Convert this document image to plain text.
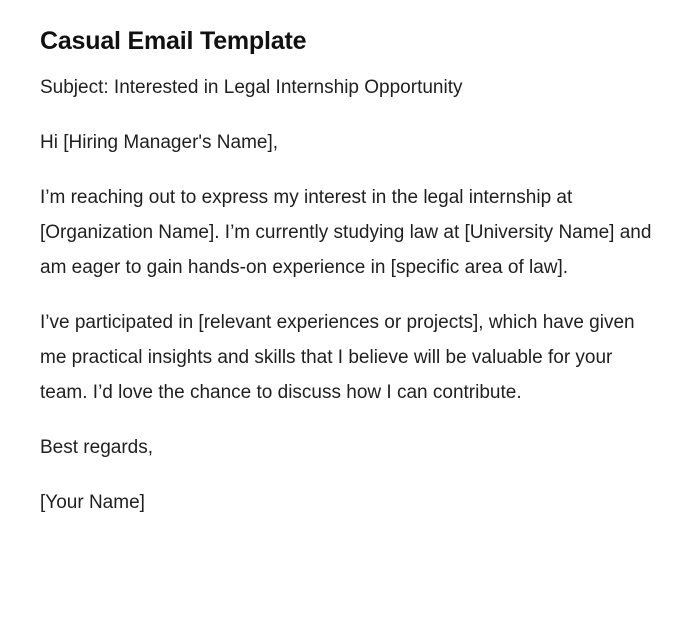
Casual Email Template

Subject: Interested in Legal Internship Opportunity

Hi [Hiring Manager's Name],

I’m reaching out to express my interest in the legal internship at [Organization Name]. I’m currently studying law at [University Name] and am eager to gain hands-on experience in [specific area of law].

I’ve participated in [relevant experiences or projects], which have given me practical insights and skills that I believe will be valuable for your team. I’d love the chance to discuss how I can contribute.

Best regards,

[Your Name]
